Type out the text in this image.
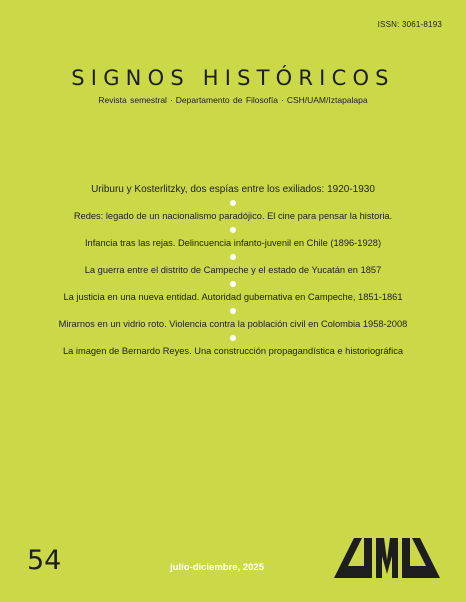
ISSN: 3061-8193
SIGNOS HISTÓRICOS
Revista semestral · Departamento de Filosofía · CSH/UAM/Iztapalapa
Uriburu y Kosterlitzky, dos espías entre los exiliados: 1920-1930
Redes: legado de un nacionalismo paradójico. El cine para pensar la historia.
Infancia tras las rejas. Delincuencia infanto-juvenil en Chile (1896-1928)
La guerra entre el distrito de Campeche y el estado de Yucatán en 1857
La justicia en una nueva entidad. Autoridad gubernativa en Campeche, 1851-1861
Mirarnos en un vidrio roto. Violencia contra la población civil en Colombia 1958-2008
La imagen de Bernardo Reyes. Una construcción propagandística e historiográfica
54	julio-diciembre, 2025
